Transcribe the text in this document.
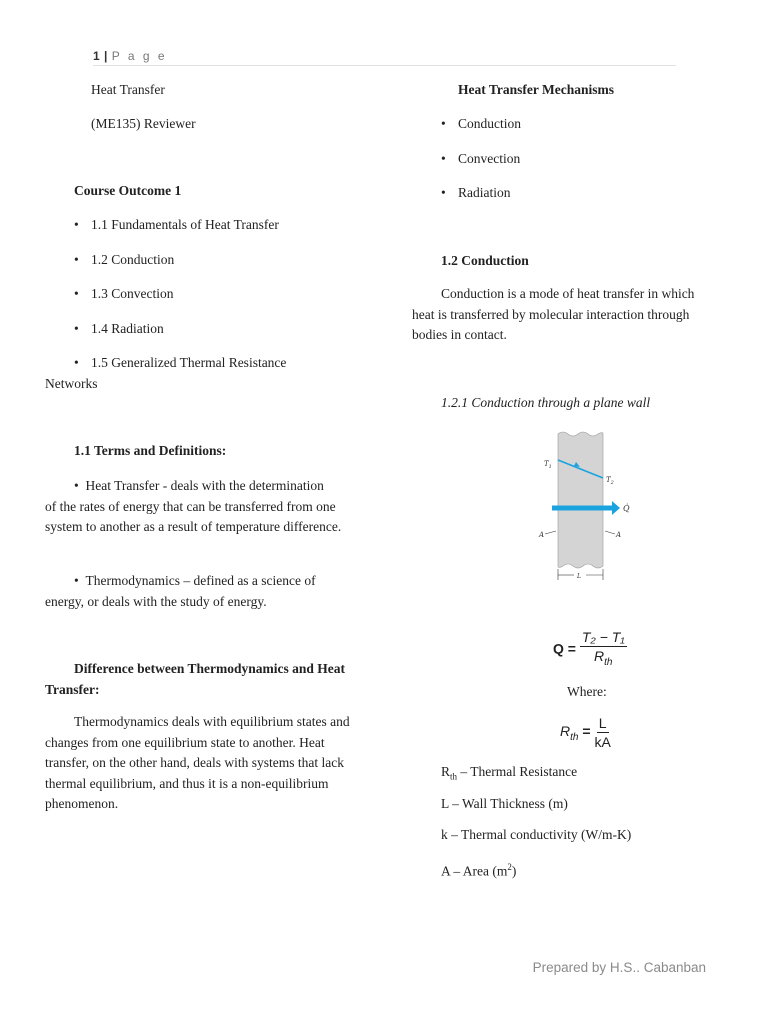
1 | P a g e
Heat Transfer
(ME135) Reviewer
Course Outcome 1
• 1.1 Fundamentals of Heat Transfer
• 1.2 Conduction
• 1.3 Convection
• 1.4 Radiation
• 1.5 Generalized Thermal Resistance
Networks
1.1 Terms and Definitions:
• Heat Transfer - deals with the determination
of the rates of energy that can be transferred from one system to another as a result of temperature difference.
• Thermodynamics – defined as a science of
energy, or deals with the study of energy.
Difference between Thermodynamics and Heat Transfer:
Thermodynamics deals with equilibrium states and changes from one equilibrium state to another. Heat transfer, on the other hand, deals with systems that lack thermal equilibrium, and thus it is a non-equilibrium phenomenon.
Heat Transfer Mechanisms
• Conduction
• Convection
• Radiation
1.2 Conduction
Conduction is a mode of heat transfer in which heat is transferred by molecular interaction through bodies in contact.
1.2.1 Conduction through a plane wall
$T_1$
$T_2$
Q̇
A	A
L
$Q = \frac{\text{T₂ − T₁}}{R_{th}}$
Where:
$R_{th} = \frac{L}{kA}$
$R_{th}$ – Thermal Resistance
L – Wall Thickness (m)
k – Thermal conductivity (W/m-K)
A – Area $(m^2)$
Prepared by H.S.. Cabanban
